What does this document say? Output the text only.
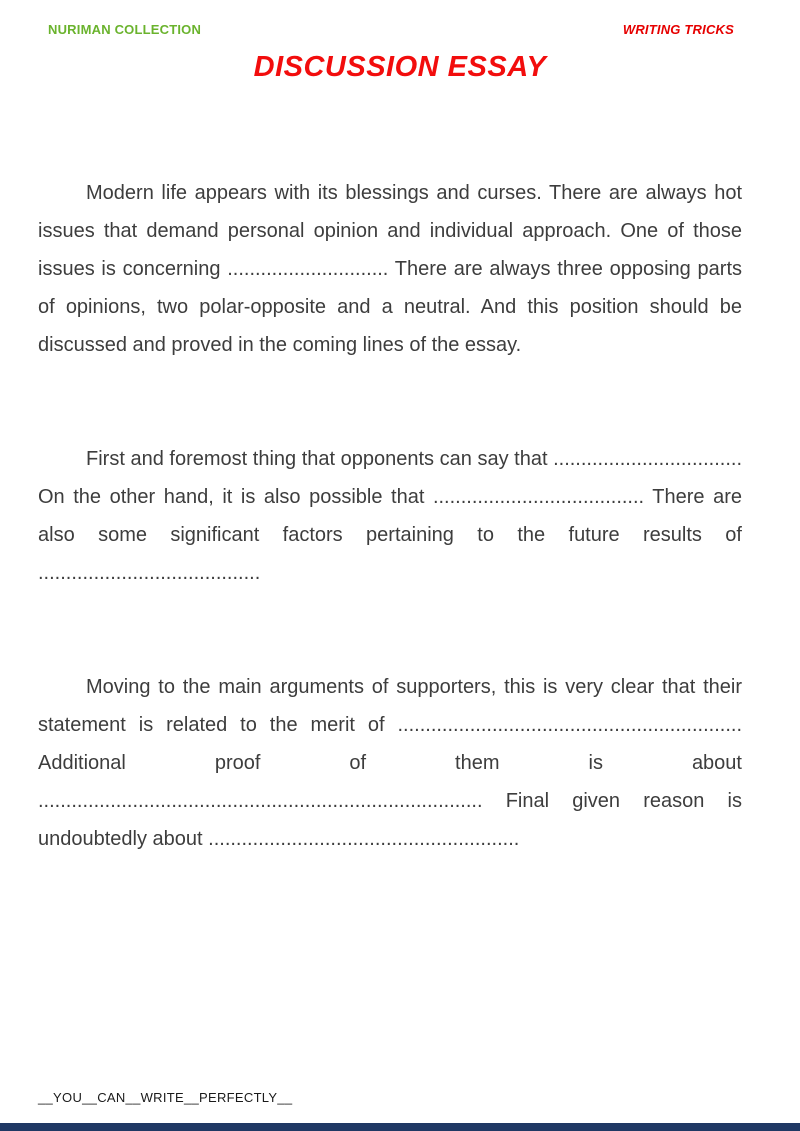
NURIMAN COLLECTION	WRITING TRICKS
DISCUSSION ESSAY

Modern life appears with its blessings and curses. There are always hot issues that demand personal opinion and individual approach. One of those issues is concerning ............................. There are always three opposing parts of opinions, two polar-opposite and a neutral. And this position should be discussed and proved in the coming lines of the essay.

First and foremost thing that opponents can say that .................................. On the other hand, it is also possible that ...................................... There are also some significant factors pertaining to the future results of ........................................

Moving to the main arguments of supporters, this is very clear that their statement is related to the merit of .............................................................. Additional proof of them is about ................................................................................ Final given reason is undoubtedly about ........................................................

__YOU__CAN__WRITE__PERFECTLY__
